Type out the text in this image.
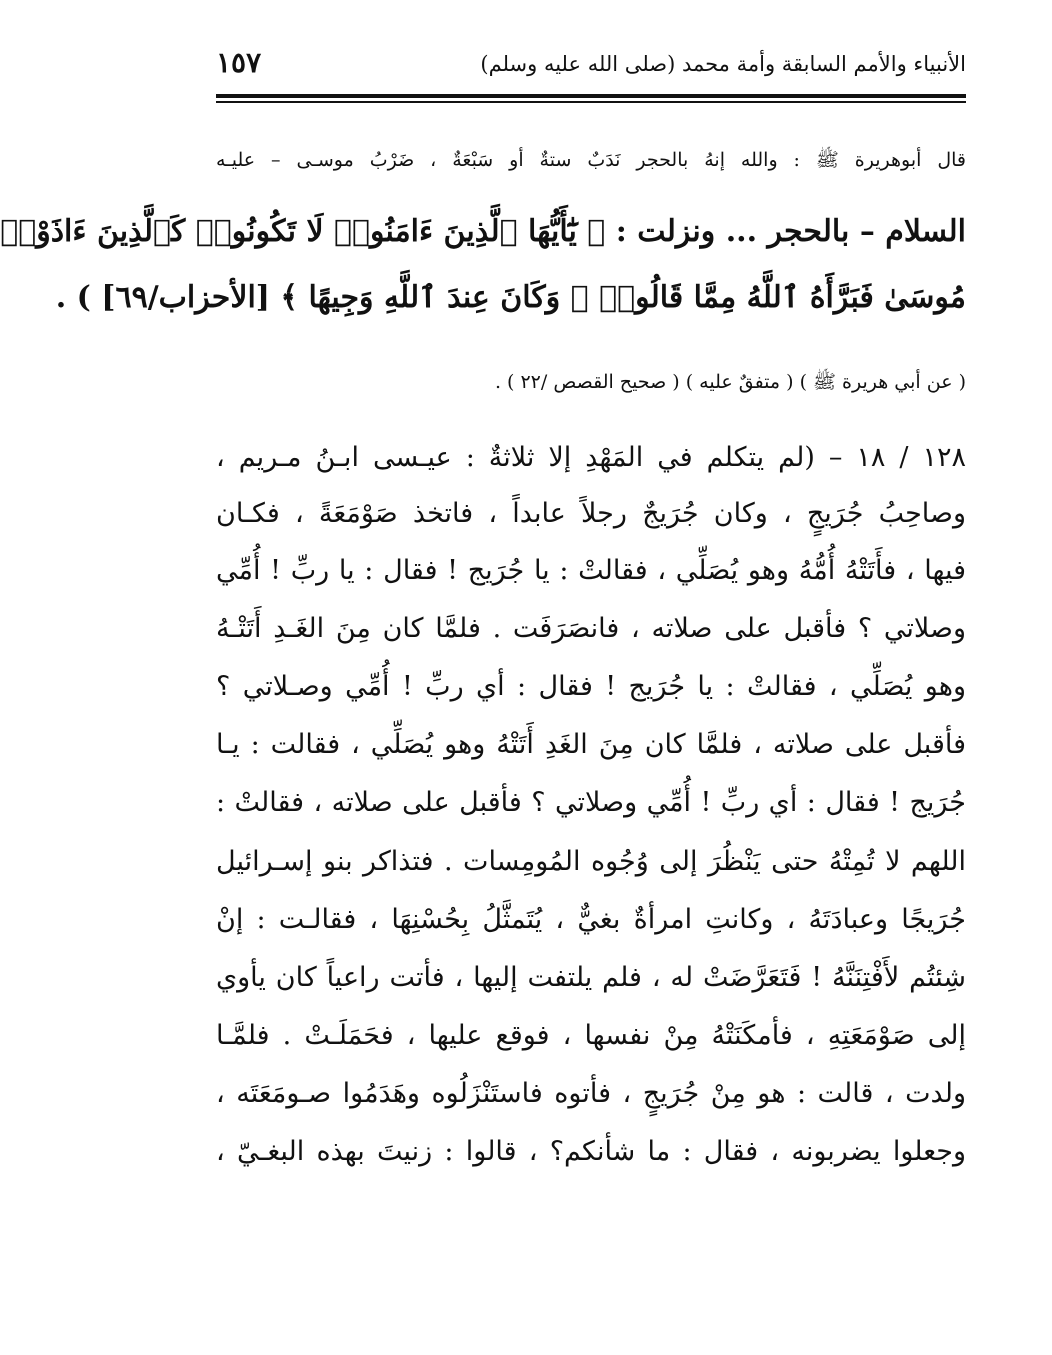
الأنبياء والأمم السابقة وأمة محمد (صلى الله عليه وسلم)
١٥٧
قال أبوهريرة ﷺ : والله إنهُ بالحجر نَدَبٌ ستةٌ أو سَبْعَةٌ ، ضَرْبُ موسـى – عليـه
السلام – بالحجر ... ونزلت : ﴿ يَٰٓأَيُّهَا ٱلَّذِينَ ءَامَنُوا۟ لَا تَكُونُوا۟ كَٱلَّذِينَ ءَاذَوْا۟
مُوسَىٰ فَبَرَّأَهُ ٱللَّهُ مِمَّا قَالُوا۟ ۚ وَكَانَ عِندَ ٱللَّهِ وَجِيهًا ﴾ [الأحزاب/٦٩] ) .
( عن أبي هريرة ﷺ ) ( متفقٌ عليه ) ( صحيح القصص /٢٢ ) .
١٢٨ / ١٨ – (لم يتكلم في المَهْدِ إلا ثلاثةٌ : عيـسى ابـنُ مـريم ،
وصاحِبُ جُرَيجٍ ، وكان جُرَيجٌ رجلاً عابداً ، فاتخذ صَوْمَعَةً ، فكـان
فيها ، فأَتَتْهُ أُمُّهُ وهو يُصَلِّي ، فقالتْ : يا جُرَيج ! فقال : يا ربِّ ! أُمِّي
وصلاتي ؟ فأقبل على صلاته ، فانصَرَفَت . فلمَّا كان مِنَ الغَـدِ أَتَتْـهُ
وهو يُصَلِّي ، فقالتْ : يا جُرَيج ! فقال : أي ربِّ ! أُمِّي وصـلاتي ؟
فأقبل على صلاته ، فلمَّا كان مِنَ الغَدِ أَتَتْهُ وهو يُصَلِّي ، فقالت : يـا
جُرَيج ! فقال : أي ربِّ ! أُمِّي وصلاتي ؟ فأقبل على صلاته ، فقالتْ :
اللهم لا تُمِتْهُ حتى يَنْظُرَ إلى وُجُوه المُومِسات . فتذاكر بنو إسـرائيل
جُرَيجًا وعبادَتَهُ ، وكانتِ امرأةٌ بغيٌّ ، يُتَمثَّلُ بِحُسْنِهَا ، فقالـت : إنْ
شِئتُم لأَفْتِنَنَّهُ ! فَتَعَرَّضَتْ له ، فلم يلتفت إليها ، فأتت راعياً كان يأوي
إلى صَوْمَعَتِهِ ، فأمكَنَتْهُ مِنْ نفسها ، فوقع عليها ، فحَمَلَـتْ . فلمَّـا
ولدت ، قالت : هو مِنْ جُرَيجٍ ، فأتوه فاستَنْزَلُوه وهَدَمُوا صـومَعَتَه ،
وجعلوا يضربونه ، فقال : ما شأنكم؟ ، قالوا : زنيتَ بهذه البغـيّ ،
